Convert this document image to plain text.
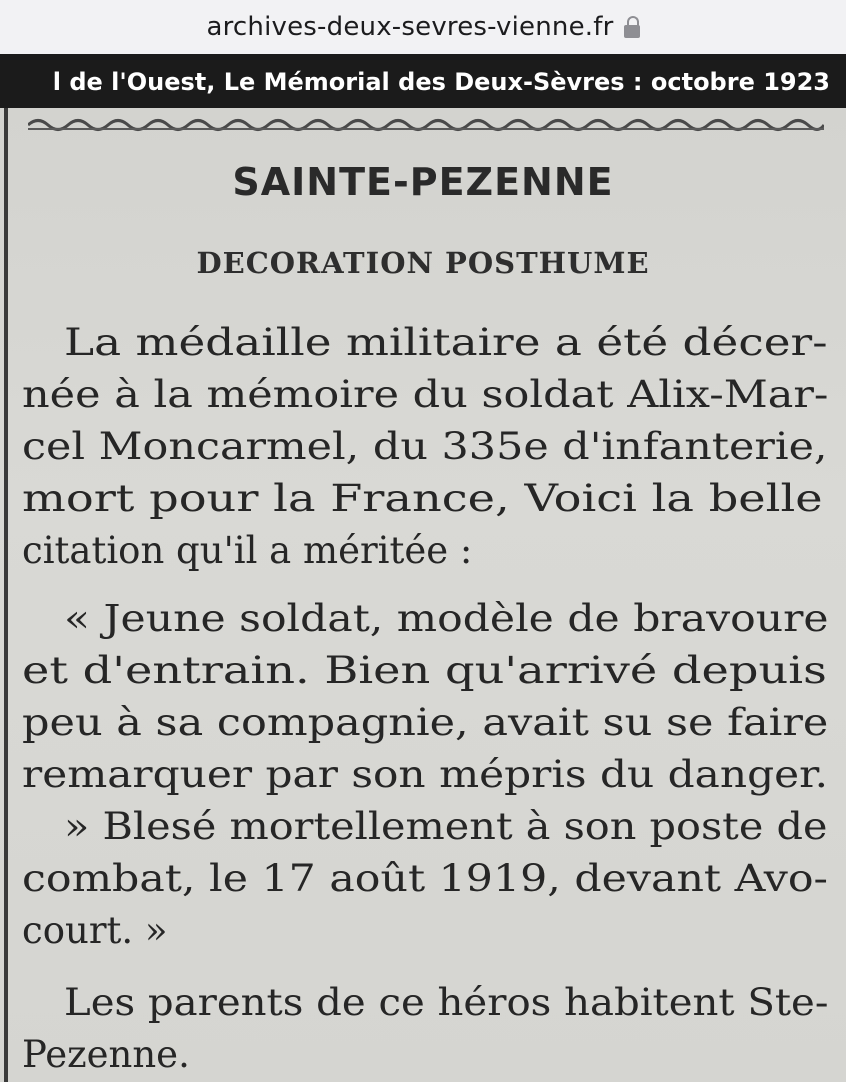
archives-deux-sevres-vienne.fr
l de l'Ouest, Le Mémorial des Deux-Sèvres : octobre 1923
SAINTE-PEZENNE
DECORATION POSTHUME
La médaille militaire a été décer-
née à la mémoire du soldat Alix-Mar-
cel Moncarmel, du 335e d'infanterie,
mort pour la France, Voici la belle
citation qu'il a méritée :
« Jeune soldat, modèle de bravoure
et d'entrain. Bien qu'arrivé depuis
peu à sa compagnie, avait su se faire
remarquer par son mépris du danger.
» Blesé mortellement à son poste de
combat, le 17 août 1919, devant Avo-
court. »
Les parents de ce héros habitent Ste-
Pezenne.
